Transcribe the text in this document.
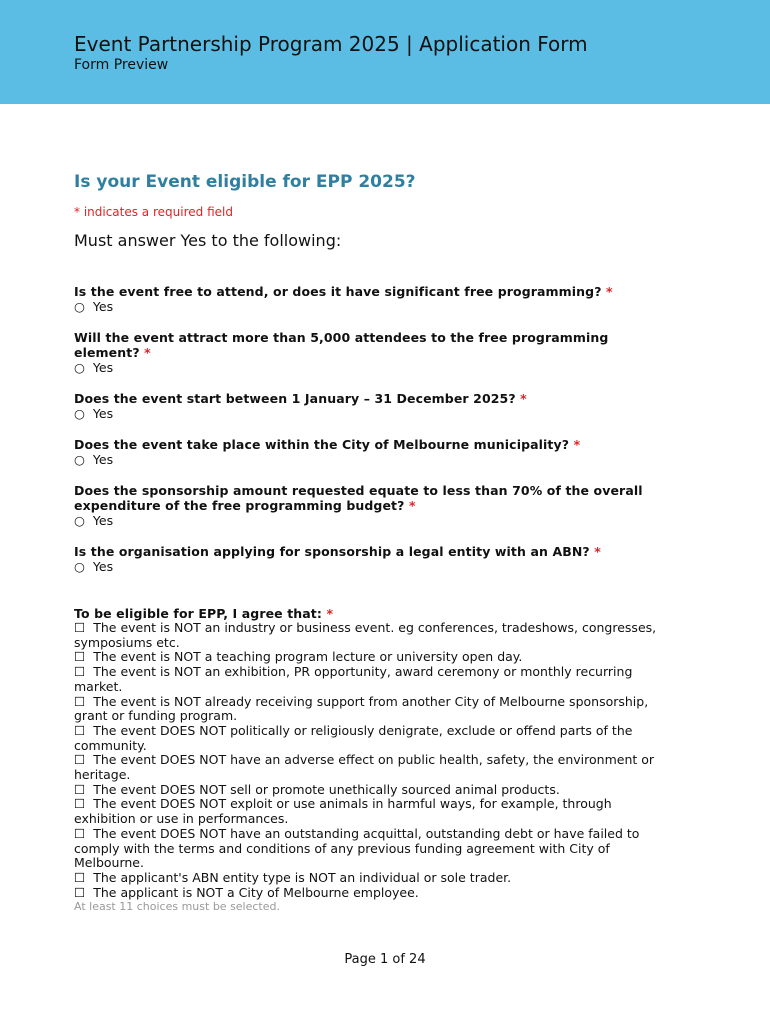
Event Partnership Program 2025 | Application Form
Form Preview
Is your Event eligible for EPP 2025?
* indicates a required field
Must answer Yes to the following:
Is the event free to attend, or does it have significant free programming? *
○ Yes
Will the event attract more than 5,000 attendees to the free programming element? *
○ Yes
Does the event start between 1 January – 31 December 2025? *
○ Yes
Does the event take place within the City of Melbourne municipality? *
○ Yes
Does the sponsorship amount requested equate to less than 70% of the overall expenditure of the free programming budget? *
○ Yes
Is the organisation applying for sponsorship a legal entity with an ABN? *
○ Yes
To be eligible for EPP, I agree that: *
☐ The event is NOT an industry or business event. eg conferences, tradeshows, congresses, symposiums etc.
☐ The event is NOT a teaching program lecture or university open day.
☐ The event is NOT an exhibition, PR opportunity, award ceremony or monthly recurring market.
☐ The event is NOT already receiving support from another City of Melbourne sponsorship, grant or funding program.
☐ The event DOES NOT politically or religiously denigrate, exclude or offend parts of the community.
☐ The event DOES NOT have an adverse effect on public health, safety, the environment or heritage.
☐ The event DOES NOT sell or promote unethically sourced animal products.
☐ The event DOES NOT exploit or use animals in harmful ways, for example, through exhibition or use in performances.
☐ The event DOES NOT have an outstanding acquittal, outstanding debt or have failed to comply with the terms and conditions of any previous funding agreement with City of Melbourne.
☐ The applicant's ABN entity type is NOT an individual or sole trader.
☐ The applicant is NOT a City of Melbourne employee.
At least 11 choices must be selected.
Page 1 of 24
